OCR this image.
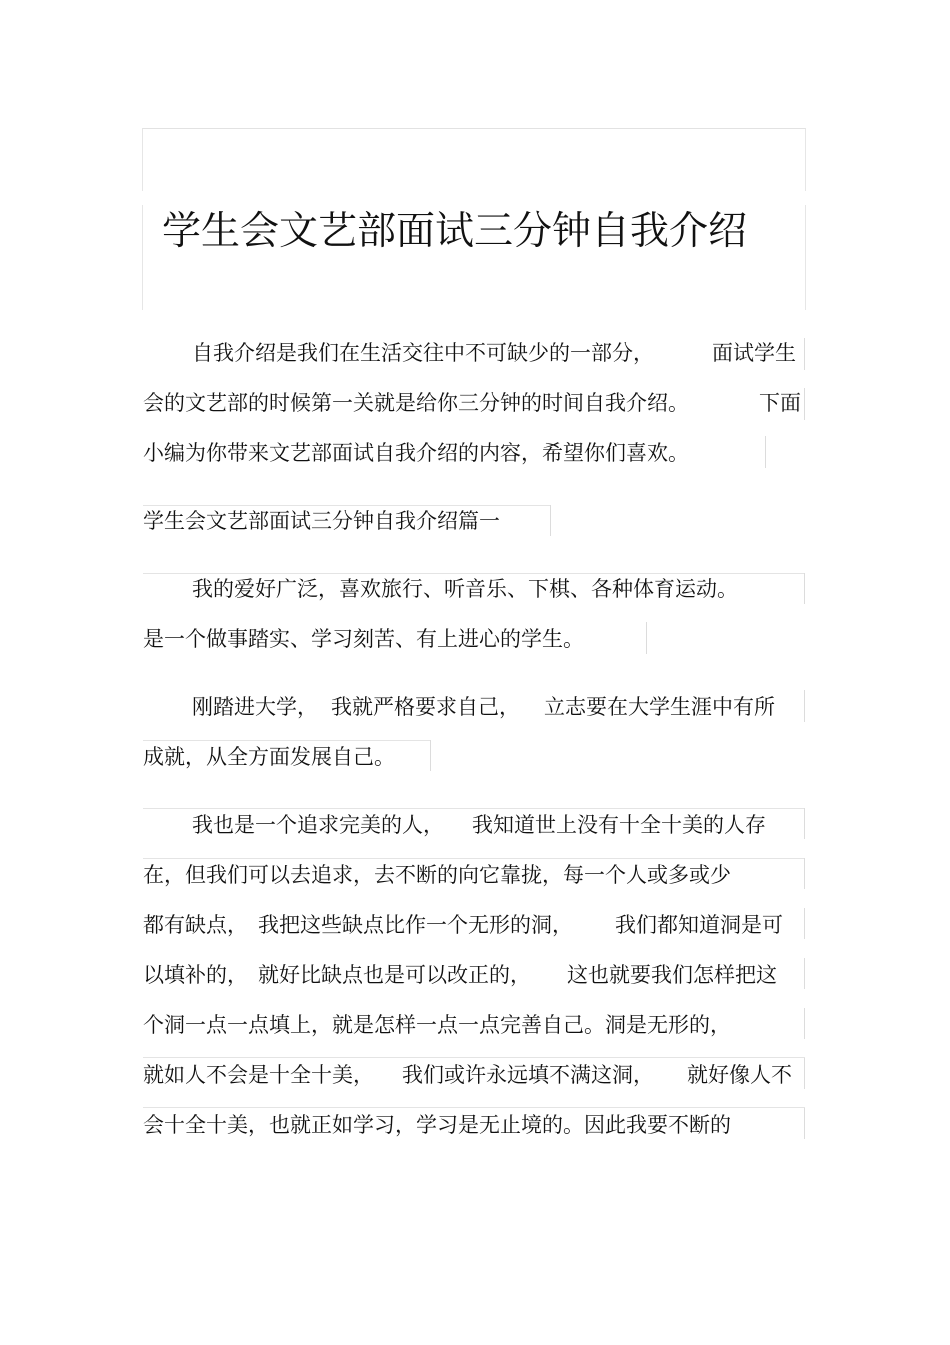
学生会文艺部面试三分钟自我介绍
自我介绍是我们在生活交往中不可缺少的一部分，	面试学生
会的文艺部的时候第一关就是给你三分钟的时间自我介绍。	下面
小编为你带来文艺部面试自我介绍的内容，希望你们喜欢。
学生会文艺部面试三分钟自我介绍篇一
我的爱好广泛，喜欢旅行、听音乐、下棋、各种体育运动。
是一个做事踏实、学习刻苦、有上进心的学生。
刚踏进大学， 我就严格要求自己， 立志要在大学生涯中有所
成就，从全方面发展自己。
我也是一个追求完美的人， 我知道世上没有十全十美的人存
在，但我们可以去追求，去不断的向它靠拢，每一个人或多或少
都有缺点， 我把这些缺点比作一个无形的洞， 我们都知道洞是可
以填补的， 就好比缺点也是可以改正的， 这也就要我们怎样把这
个洞一点一点填上，就是怎样一点一点完善自己。洞是无形的，
就如人不会是十全十美， 我们或许永远填不满这洞， 就好像人不
会十全十美，也就正如学习，学习是无止境的。因此我要不断的
